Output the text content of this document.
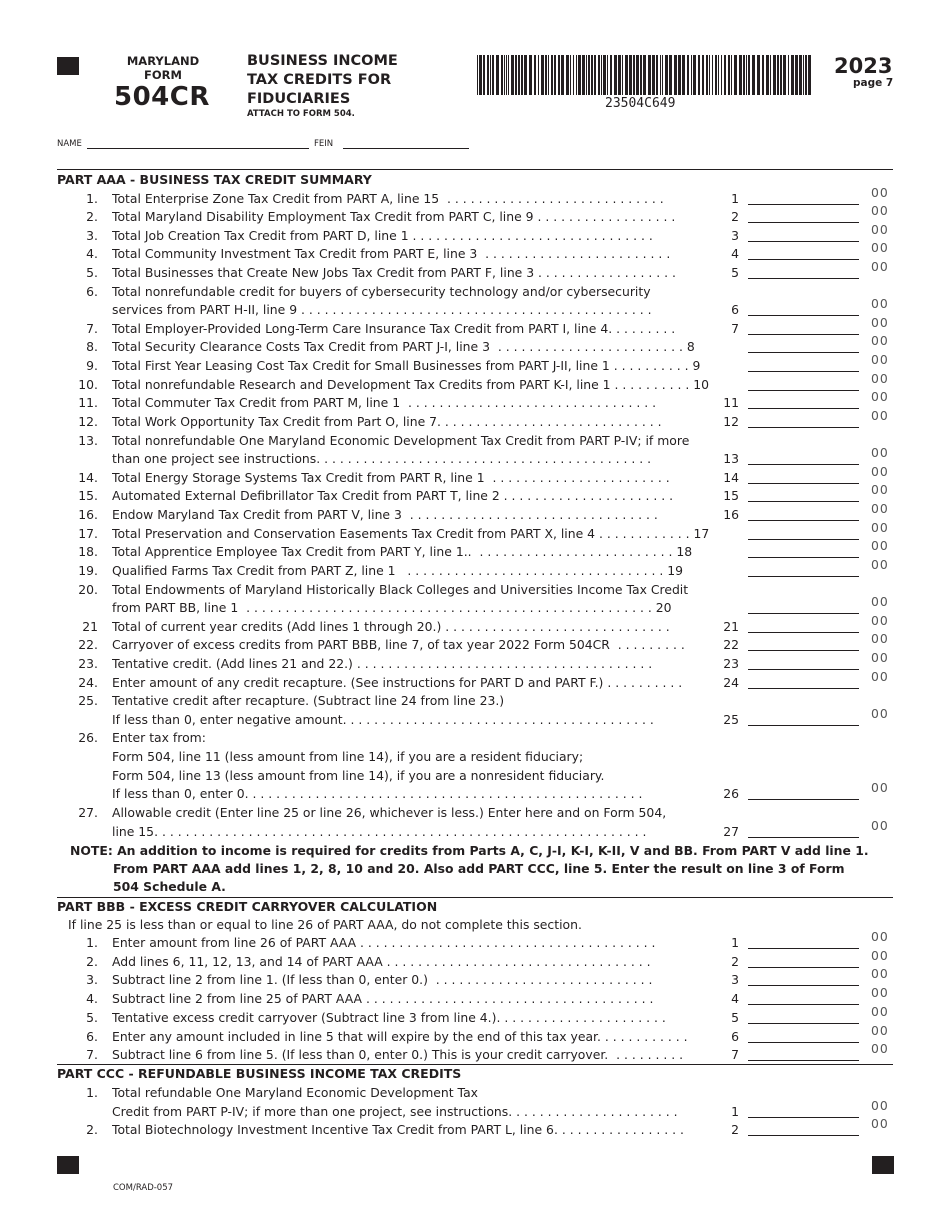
MARYLAND
FORM
504CR
BUSINESS INCOME
TAX CREDITS FOR
FIDUCIARIES
ATTACH TO FORM 504.
23504C649
2023
page 7
NAME	FEIN
PART AAA - BUSINESS TAX CREDIT SUMMARY
1. Total Enterprise Zone Tax Credit from PART A, line 15  . . . . . . . . . . . . . . . . . . . . . . . . . . . .	1	00
2. Total Maryland Disability Employment Tax Credit from PART C, line 9 . . . . . . . . . . . . . . . . . .	2	00
3. Total Job Creation Tax Credit from PART D, line 1 . . . . . . . . . . . . . . . . . . . . . . . . . . . . . . .	3	00
4. Total Community Investment Tax Credit from PART E, line 3  . . . . . . . . . . . . . . . . . . . . . . . .	4	00
5. Total Businesses that Create New Jobs Tax Credit from PART F, line 3 . . . . . . . . . . . . . . . . . .	5	00
6. Total nonrefundable credit for buyers of cybersecurity technology and/or cybersecurity
services from PART H-II, line 9 . . . . . . . . . . . . . . . . . . . . . . . . . . . . . . . . . . . . . . . . . . . . .	6	00
7. Total Employer-Provided Long-Term Care Insurance Tax Credit from PART I, line 4. . . . . . . . .	7	00
8. Total Security Clearance Costs Tax Credit from PART J-I, line 3  . . . . . . . . . . . . . . . . . . . . . . . . 8	00
9. Total First Year Leasing Cost Tax Credit for Small Businesses from PART J-II, line 1 . . . . . . . . . . 9	00
10. Total nonrefundable Research and Development Tax Credits from PART K-I, line 1 . . . . . . . . . . 10	00
11. Total Commuter Tax Credit from PART M, line 1  . . . . . . . . . . . . . . . . . . . . . . . . . . . . . . . .	11	00
12. Total Work Opportunity Tax Credit from Part O, line 7. . . . . . . . . . . . . . . . . . . . . . . . . . . . .	12	00
13. Total nonrefundable One Maryland Economic Development Tax Credit from PART P-IV; if more
than one project see instructions. . . . . . . . . . . . . . . . . . . . . . . . . . . . . . . . . . . . . . . . . . .	13	00
14. Total Energy Storage Systems Tax Credit from PART R, line 1  . . . . . . . . . . . . . . . . . . . . . . .	14	00
15. Automated External Defibrillator Tax Credit from PART T, line 2 . . . . . . . . . . . . . . . . . . . . . .	15	00
16. Endow Maryland Tax Credit from PART V, line 3  . . . . . . . . . . . . . . . . . . . . . . . . . . . . . . . .	16	00
17. Total Preservation and Conservation Easements Tax Credit from PART X, line 4 . . . . . . . . . . . . 17	00
18. Total Apprentice Employee Tax Credit from PART Y, line 1..  . . . . . . . . . . . . . . . . . . . . . . . . . 18	00
19. Qualified Farms Tax Credit from PART Z, line 1   . . . . . . . . . . . . . . . . . . . . . . . . . . . . . . . . . 19	00
20. Total Endowments of Maryland Historically Black Colleges and Universities Income Tax Credit
from PART BB, line 1  . . . . . . . . . . . . . . . . . . . . . . . . . . . . . . . . . . . . . . . . . . . . . . . . . . . . 20	00
21 Total of current year credits (Add lines 1 through 20.) . . . . . . . . . . . . . . . . . . . . . . . . . . . . .	21	00
22. Carryover of excess credits from PART BBB, line 7, of tax year 2022 Form 504CR  . . . . . . . . .	22	00
23. Tentative credit. (Add lines 21 and 22.) . . . . . . . . . . . . . . . . . . . . . . . . . . . . . . . . . . . . . .	23	00
24. Enter amount of any credit recapture. (See instructions for PART D and PART F.) . . . . . . . . . .	24	00
25. Tentative credit after recapture. (Subtract line 24 from line 23.)
If less than 0, enter negative amount. . . . . . . . . . . . . . . . . . . . . . . . . . . . . . . . . . . . . . . .	25	00
26. Enter tax from:
Form 504, line 11 (less amount from line 14), if you are a resident fiduciary;
Form 504, line 13 (less amount from line 14), if you are a nonresident fiduciary.
If less than 0, enter 0. . . . . . . . . . . . . . . . . . . . . . . . . . . . . . . . . . . . . . . . . . . . . . . . . . .	26	00
27. Allowable credit (Enter line 25 or line 26, whichever is less.) Enter here and on Form 504,
line 15. . . . . . . . . . . . . . . . . . . . . . . . . . . . . . . . . . . . . . . . . . . . . . . . . . . . . . . . . . . . . . .	27	00
NOTE: An addition to income is required for credits from Parts A, C, J-I, K-I, K-II, V and BB. From PART V add line 1.
From PART AAA add lines 1, 2, 8, 10 and 20. Also add PART CCC, line 5. Enter the result on line 3 of Form
504 Schedule A.
PART BBB - EXCESS CREDIT CARRYOVER CALCULATION
If line 25 is less than or equal to line 26 of PART AAA, do not complete this section.
1. Enter amount from line 26 of PART AAA . . . . . . . . . . . . . . . . . . . . . . . . . . . . . . . . . . . . . .	1	00
2. Add lines 6, 11, 12, 13, and 14 of PART AAA . . . . . . . . . . . . . . . . . . . . . . . . . . . . . . . . . .	2	00
3. Subtract line 2 from line 1. (If less than 0, enter 0.)  . . . . . . . . . . . . . . . . . . . . . . . . . . . .	3	00
4. Subtract line 2 from line 25 of PART AAA . . . . . . . . . . . . . . . . . . . . . . . . . . . . . . . . . . . . .	4	00
5. Tentative excess credit carryover (Subtract line 3 from line 4.). . . . . . . . . . . . . . . . . . . . . .	5	00
6. Enter any amount included in line 5 that will expire by the end of this tax year. . . . . . . . . . . .	6	00
7. Subtract line 6 from line 5. (If less than 0, enter 0.) This is your credit carryover.  . . . . . . . . .	7	00
PART CCC - REFUNDABLE BUSINESS INCOME TAX CREDITS
1. Total refundable One Maryland Economic Development Tax
Credit from PART P-IV; if more than one project, see instructions. . . . . . . . . . . . . . . . . . . . . .	1	00
2. Total Biotechnology Investment Incentive Tax Credit from PART L, line 6. . . . . . . . . . . . . . . . .	2	00
COM/RAD-057
